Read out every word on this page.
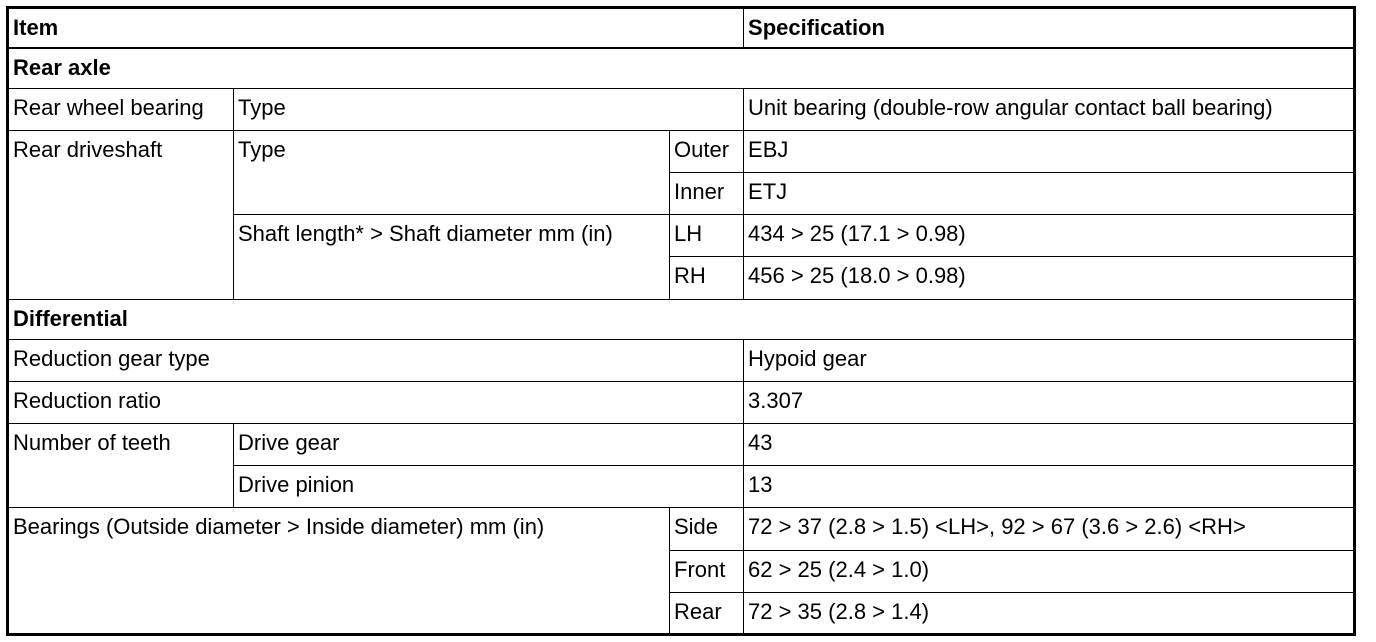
Item			Specification
Rear axle			
Rear wheel bearing	Type		Unit bearing (double-row angular contact ball bearing)
Rear driveshaft	Type	Outer	EBJ
		Inner	ETJ
	Shaft length* > Shaft diameter mm (in)	LH	434 > 25 (17.1 > 0.98)
		RH	456 > 25 (18.0 > 0.98)
Differential			
Reduction gear type			Hypoid gear
Reduction ratio			3.307
Number of teeth	Drive gear		43
	Drive pinion		13
Bearings (Outside diameter > Inside diameter) mm (in)		Side	72 > 37 (2.8 > 1.5) <LH>, 92 > 67 (3.6 > 2.6) <RH>
		Front	62 > 25 (2.4 > 1.0)
		Rear	72 > 35 (2.8 > 1.4)
